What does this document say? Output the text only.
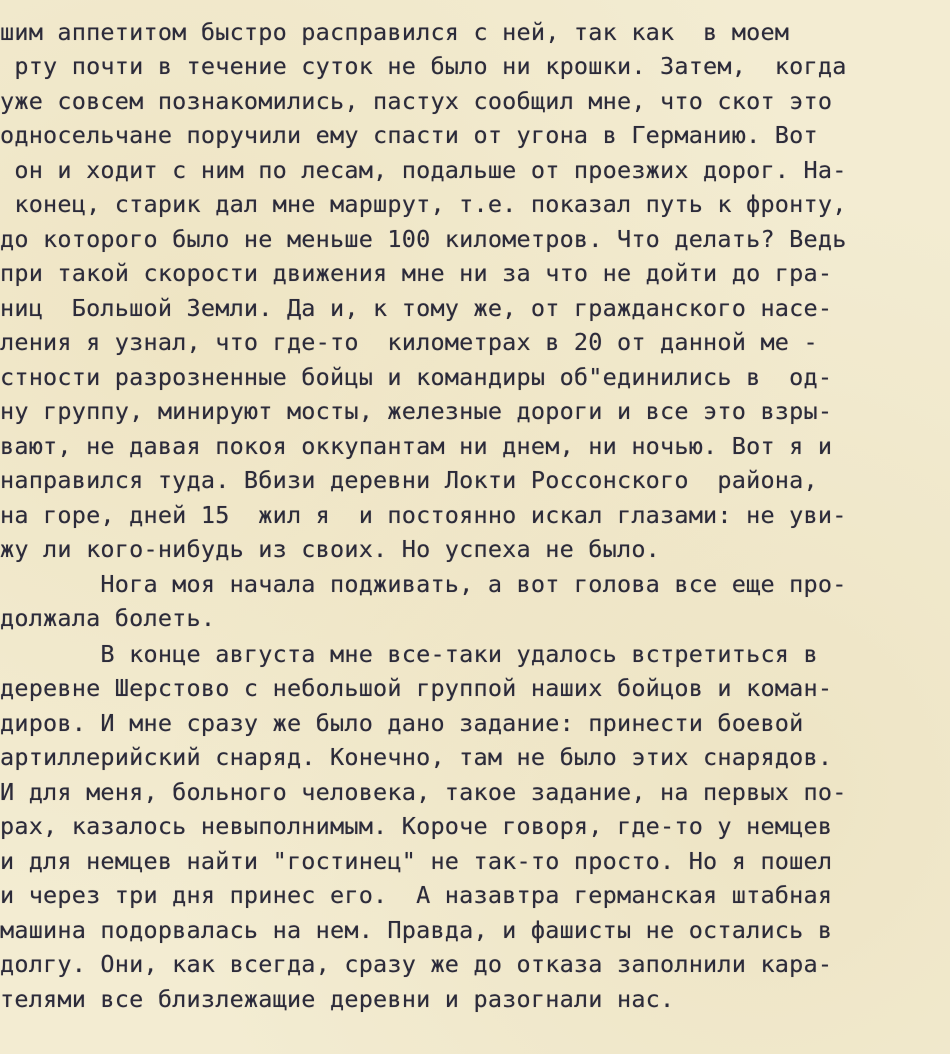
шим аппетитом быстро расправился с ней, так как  в моем
рту почти в течение суток не было ни крошки. Затем,  когда
уже совсем познакомились, пастух сообщил мне, что скот это
односельчане поручили ему спасти от угона в Германию. Вот
он и ходит с ним по лесам, подальше от проезжих дорог. На-
конец, старик дал мне маршрут, т.е. показал путь к фронту,
до которого было не меньше 100 километров. Что делать? Ведь
при такой скорости движения мне ни за что не дойти до гра-
ниц  Большой Земли. Да и, к тому же, от гражданского насе-
ления я узнал, что где-то  километрах в 20 от данной ме -
стности разрозненные бойцы и командиры об"единились в  од-
ну группу, минируют мосты, железные дороги и все это взры-
вают, не давая покоя оккупантам ни днем, ни ночью. Вот я и
направился туда. Вбизи деревни Локти Россонского  района,
на горе, дней 15  жил я  и постоянно искал глазами: не уви-
жу ли кого-нибудь из своих. Но успеха не было.
Нога моя начала подживать, а вот голова все еще про-
должала болеть.
В конце августа мне все-таки удалось встретиться в
деревне Шерстово с небольшой группой наших бойцов и коман-
диров. И мне сразу же было дано задание: принести боевой
артиллерийский снаряд. Конечно, там не было этих снарядов.
И для меня, больного человека, такое задание, на первых по-
рах, казалось невыполнимым. Короче говоря, где-то у немцев
и для немцев найти "гостинец" не так-то просто. Но я пошел
и через три дня принес его.  А назавтра германская штабная
машина подорвалась на нем. Правда, и фашисты не остались в
долгу. Они, как всегда, сразу же до отказа заполнили кара-
телями все близлежащие деревни и разогнали нас.
